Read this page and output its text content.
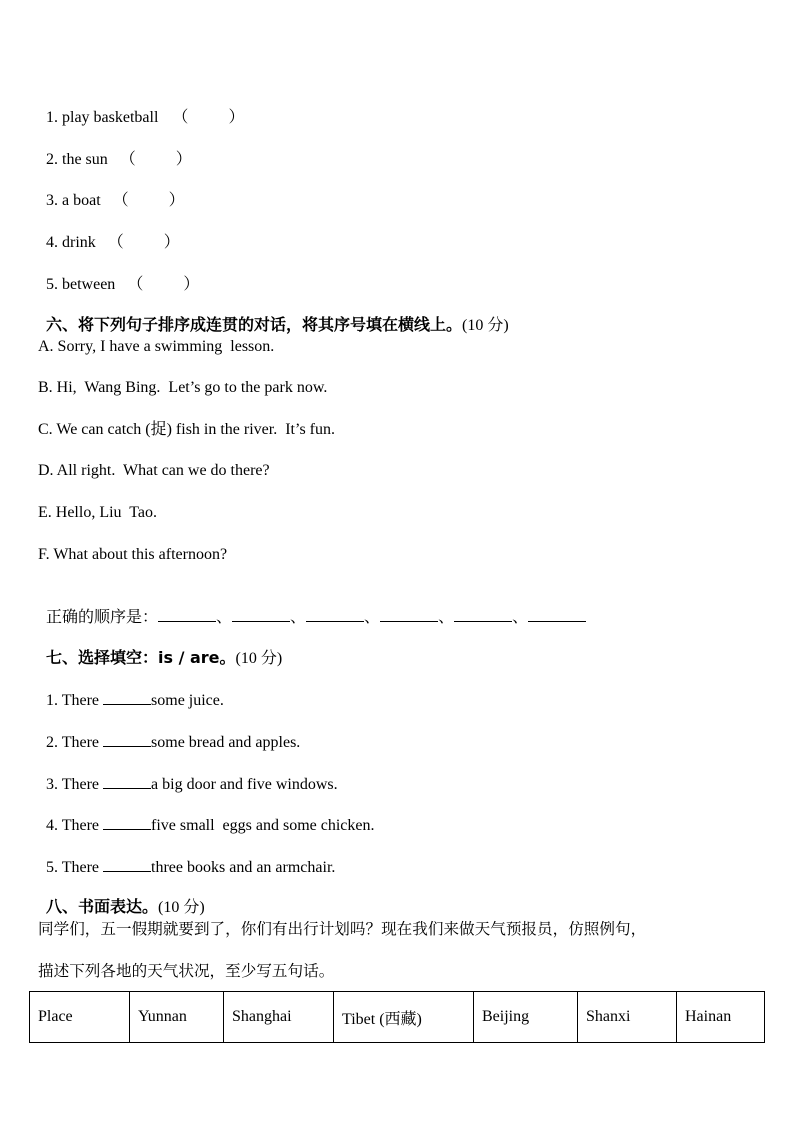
1. play basketball （	）

2. the sun （	）

3. a boat （	）

4. drink （	）

5. between （	）

六、将下列句子排序成连贯的对话，将其序号填在横线上。(10 分)

A. Sorry, I have a swimming  lesson.
B. Hi,  Wang Bing.  Let’s go to the park now.
C. We can catch (捉) fish in the river.  It’s fun.
D. All right.  What can we do there?
E. Hello, Liu  Tao.
F. What about this afternoon?

正确的顺序是：	、	、	、	、	、

七、选择填空：is / are。(10 分)

1. There	some juice.

2. There	some bread and apples.

3. There	a big door and five windows.

4. There	five small  eggs and some chicken.

5. There	three books and an armchair.

八、书面表达。(10 分)

同学们，五一假期就要到了，你们有出行计划吗？现在我们来做天气预报员，仿照例句，
描述下列各地的天气状况，至少写五句话。
Place	Yunnan	Shanghai	Tibet (西藏)	Beijing	Shanxi	Hainan
